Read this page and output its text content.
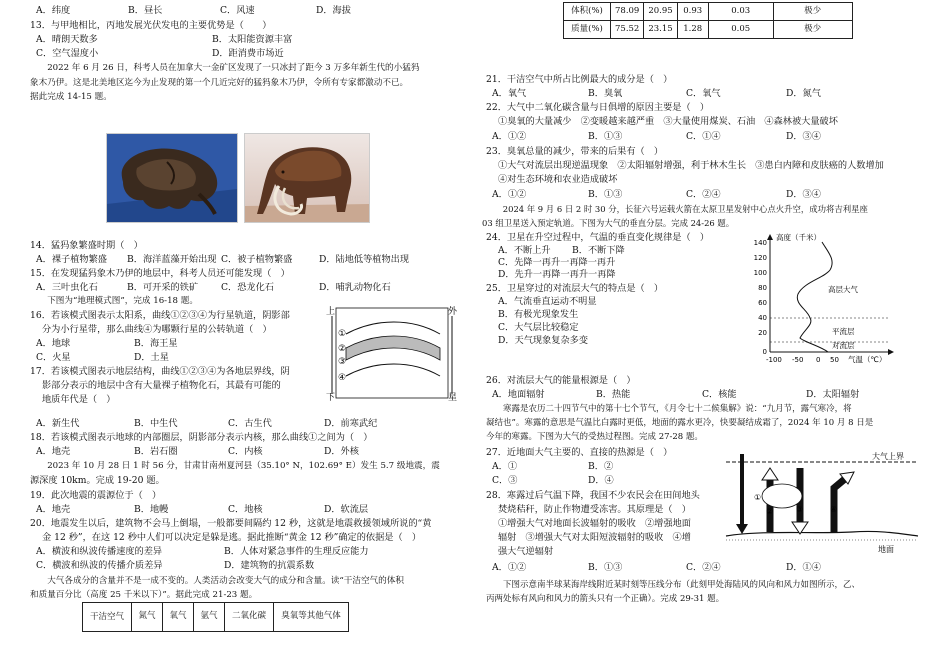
A．纬度	B．昼长	C．风速	D．海拔
13．与甲地相比，丙地发展光伏发电的主要优势是（　　）
A．晴朗天数多	B．太阳能资源丰富
C．空气湿度小	D．距消费市场近
2022 年 6 月 26 日，科考人员在加拿大一金矿区发现了一只冰封了距今 3 万多年新生代的小猛犸
象木乃伊。这是北美地区迄今为止发现的第一个几近完好的猛犸象木乃伊，令所有专家都激动不已。
据此完成 14-15 题。
14．猛犸象繁盛时期（　）
A．裸子植物繁盛	B．海洋蓝藻开始出现 C．被子植物繁盛	D．陆地低等植物出现
15．在发现猛犸象木乃伊的地层中，科考人员还可能发现（　）
A．三叶虫化石	B．可开采的铁矿	C．恐龙化石	D．哺乳动物化石
下图为“地理模式图”，完成 16-18 题。
16．若该模式图表示太阳系，曲线①②③④为行星轨道，阴影部
分为小行星带，那么曲线④为哪颗行星的公转轨道（　）
A．地球	B．海王星
C．火星	D．土星
17．若该模式图表示地层结构，曲线①②③④为各地层界线，阴
影部分表示的地层中含有大量裸子植物化石，其最有可能的
地质年代是（　）
A．新生代	B．中生代	C．古生代	D．前寒武纪
上
下
外
星
①
②
③
④
18．若该模式图表示地球的内部圈层，阴影部分表示内核，那么曲线①之间为（　）
A．地壳	B．岩石圈	C．内核	D．外核
2023 年 10 月 28 日 1 时 56 分，甘肃甘南州夏河县（35.10° N，102.69° E）发生 5.7 级地震，震
源深度 10km。完成 19-20 题。
19．此次地震的震源位于（　）
A．地壳	B．地幔	C．地核	D．软流层
20．地震发生以后，建筑物不会马上倒塌，一般都要间隔约 12 秒，这就是地震救援领域所说的“黄
金 12 秒”，在这 12 秒中人们可以决定是躲是逃。据此推断“黄金 12 秒”确定的依据是（　）
A．横波和纵波传播速度的差异	B．人体对紧急事件的生理反应能力
C．横波和纵波的传播介质差异	D．建筑物的抗震系数
大气各成分的含量并不是一成不变的。人类活动会改变大气的成分和含量。读“干洁空气的体积
和质量百分比（高度 25 千米以下）”。据此完成 21-23 题。
干洁空气	氮气	氧气	氩气	二氧化碳	臭氧等其他气体
体积(%)	78.09	20.95	0.93	0.03	极少
质量(%)	75.52	23.15	1.28	0.05	极少
21．干洁空气中所占比例最大的成分是（　）
A．氧气	B．臭氧	C．氧气	D．氮气
22．大气中二氧化碳含量与日俱增的原因主要是（　）
①臭氧的大量减少　②变暖越来越严重　③大量使用煤炭、石油　④森林被大量破坏
A．①②	B．①③	C．①④	D．③④
23．臭氧总量的减少，带来的后果有（　）
①大气对流层出现逆温现象　②太阳辐射增强，利于林木生长　③患白内障和皮肤癌的人数增加
④对生态环境和农业造成破坏
A．①②	B．①③	C．②④	D．③④
2024 年 9 月 6 日 2 时 30 分，长征六号运载火箭在太原卫星发射中心点火升空，成功将吉利星座
03 组卫星送入预定轨道。下图为大气的垂直分层。完成 24-26 题。
24．卫星在升空过程中，气温的垂直变化规律是（　）
A．不断上升	B．不断下降
C．先降一再升一再降一再升
D．先升一再降一再升一再降
25．卫星穿过的对流层大气的特点是（　）
A．气流垂直运动不明显
B．有极光现象发生
C．大气层比较稳定
D．天气现象复杂多变
高度（千米）
140
120
100
80
60
40
20
0
高层大气
平流层
对流层
-100 -50 0 50 气温（℃）
26．对流层大气的能量根源是（　）
A．地面辐射	B．热能	C．核能	D．太阳辐射
寒露是农历二十四节气中的第十七个节气，《月令七十二候集解》说：“九月节，露气寒冷，将
凝结也”。寒露的意思是气温比白露时更低，地面的露水更冷，快要凝结成霜了，2024 年 10 月 8 日是
今年的寒露。下图为大气的受热过程图。完成 27-28 题。
27．近地面大气主要的、直接的热源是（　）
A．①	B．②
C．③	D．④
28．寒露过后气温下降，我国不少农民会在田间地头
焚烧秸秆，防止作物遭受冻害。其原理是（　）
①增强大气对地面长波辐射的吸收　②增强地面
辐射　③增强大气对太阳短波辐射的吸收　④增
强大气逆辐射
A．①②	B．①③	C．②④	D．①④
大气上界
地面
①
②	③	④
下图示意南半球某海岸线附近某时刻等压线分布（此刻甲处海陆风的风向和风力如图所示，乙、
丙两处标有风向和风力的箭头只有一个正确）。完成 29-31 题。
